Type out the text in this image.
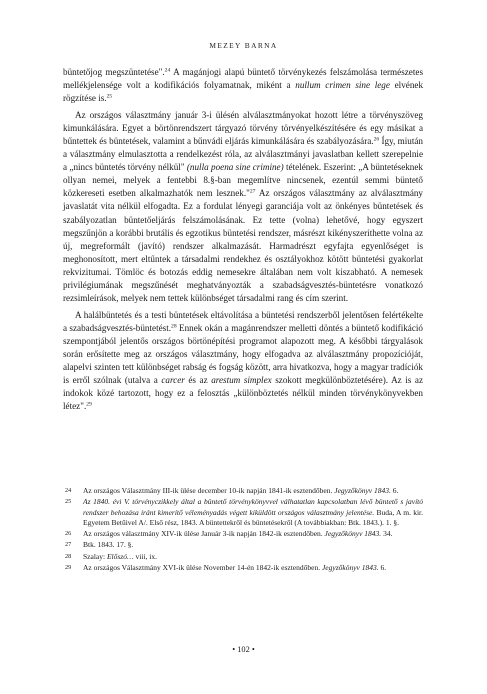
MEZEY BARNA

büntetőjog megszüntetése".$^{24}$ A magánjogi alapú büntető törvénykezés felszámolása természetes mellékjelensége volt a kodifikációs folyamatnak, miként a nullum crimen sine lege elvének rögzítése is.$^{25}$

Az országos választmány január 3-i ülésén alválasztmányokat hozott létre a törvényszöveg kimunkálására. Egyet a börtönrendszert tárgyazó törvény törvényelkészítésére és egy másikat a bűntettek és büntetések, valamint a bűnvádi eljárás kimunkálására és szabályozására.$^{26}$ Így, miután a választmány elmulasztotta a rendelkezést róla, az alválasztmányi javaslatban kellett szerepelnie a „nincs büntetés törvény nélkül" (nulla poena sine crimine) tételének. Eszerint: „A büntetéseknek ollyan nemei, melyek a fentebbi 8.§-ban megemlítve nincsenek, ezentúl semmi büntető közkereseti esetben alkalmazhatók nem lesznek."$^{27}$ Az országos választmány az alválasztmány javaslatát vita nélkül elfogadta. Ez a fordulat lényegi garanciája volt az önkényes büntetések és szabályozatlan büntetőeljárás felszámolásának. Ez tette (volna) lehetővé, hogy egyszert megszűnjön a korábbi brutális és egzotikus büntetési rendszer, másrészt kikényszeríthette volna az új, megreformált (javító) rendszer alkalmazását. Harmadrészt egyfajta egyenlőséget is meghonosított, mert eltűntek a társadalmi rendekhez és osztályokhoz kötött büntetési gyakorlat rekvizitumai. Tömlöc és botozás eddig nemesekre általában nem volt kiszabható. A nemesek privilégiumának megszűnését meghatványozták a szabadságvesztés-büntetésre vonatkozó rezsimleírások, melyek nem tettek különbséget társadalmi rang és cím szerint.

A halálbüntetés és a testi büntetések eltávolítása a büntetési rendszerből jelentősen felértékelte a szabadságvesztés-büntetést.$^{28}$ Ennek okán a magánrendszer melletti döntés a büntető kodifikáció szempontjából jelentős országos börtönépítési programot alapozott meg. A későbbi tárgyalások során erősítette meg az országos választmány, hogy elfogadva az alválasztmány propozícióját, alapelvi szinten tett különbséget rabság és fogság között, arra hivatkozva, hogy a magyar tradíciók is erről szólnak (utalva a carcer és az arestum simplex szokott megkülönböztetésére). Az is az indokok közé tartozott, hogy ez a felosztás „különböztetés nélkül minden törvénykönyvekben létez".$^{29}$

24	Az országos Választmány III-ik ülése december 10-ik napján 1841-ik esztendőben. Jegyzőkönyv 1843. 6.
25	Az 1840. évi V. törvényczikkely által a büntető törvénykönyvvel válhatatlan kapcsolatban lévő büntető s javító rendszer behozása iránt kimerítő véleményadás végett kiküldött országos választmány jelentése. Buda, A m. kir. Egyetem Betűivel A/. Első rész, 1843. A büntettekről és büntetésekről (A továbbiakban: Btk. 1843.). 1. §.
26	Az országos választmány XIV-ik ülése Január 3-ik napján 1842-ik esztendőben. Jegyzőkönyv 1843. 34.
27	Btk. 1843. 17. §.
28	Szalay: Előszó… viii, ix.
29	Az országos Választmány XVI-ik ülése November 14-én 1842-ik esztendőben. Jegyzőkönyv 1843. 6.
• 102 •
